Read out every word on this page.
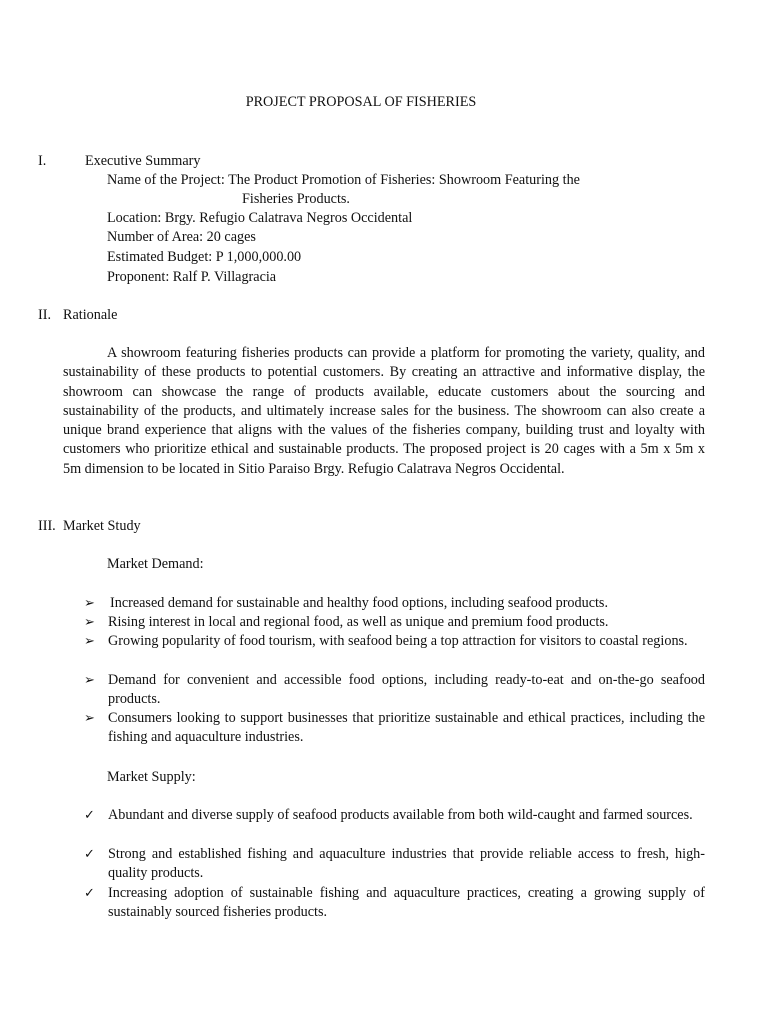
PROJECT PROPOSAL OF FISHERIES
I.	Executive Summary
Name of the Project: The Product Promotion of Fisheries: Showroom Featuring the
Fisheries Products.
Location: Brgy. Refugio Calatrava Negros Occidental
Number of Area: 20 cages
Estimated Budget: P 1,000,000.00
Proponent: Ralf P. Villagracia
II. Rationale
A showroom featuring fisheries products can provide a platform for promoting the variety, quality, and sustainability of these products to potential customers. By creating an attractive and informative display, the showroom can showcase the range of products available, educate customers about the sourcing and sustainability of the products, and ultimately increase sales for the business. The showroom can also create a unique brand experience that aligns with the values of the fisheries company, building trust and loyalty with customers who prioritize ethical and sustainable products. The proposed project is 20 cages with a 5m x 5m x 5m dimension to be located in Sitio Paraiso Brgy. Refugio Calatrava Negros Occidental.
III. Market Study
Market Demand:
➢	Increased demand for sustainable and healthy food options, including seafood products.
➢ Rising interest in local and regional food, as well as unique and premium food products.
➢ Growing popularity of food tourism, with seafood being a top attraction for visitors to coastal regions.
➢ Demand for convenient and accessible food options, including ready-to-eat and on-the-go seafood products.
➢ Consumers looking to support businesses that prioritize sustainable and ethical practices, including the fishing and aquaculture industries.
Market Supply:
✓ Abundant and diverse supply of seafood products available from both wild-caught and farmed sources.
✓ Strong and established fishing and aquaculture industries that provide reliable access to fresh, high-quality products.
✓ Increasing adoption of sustainable fishing and aquaculture practices, creating a growing supply of sustainably sourced fisheries products.
